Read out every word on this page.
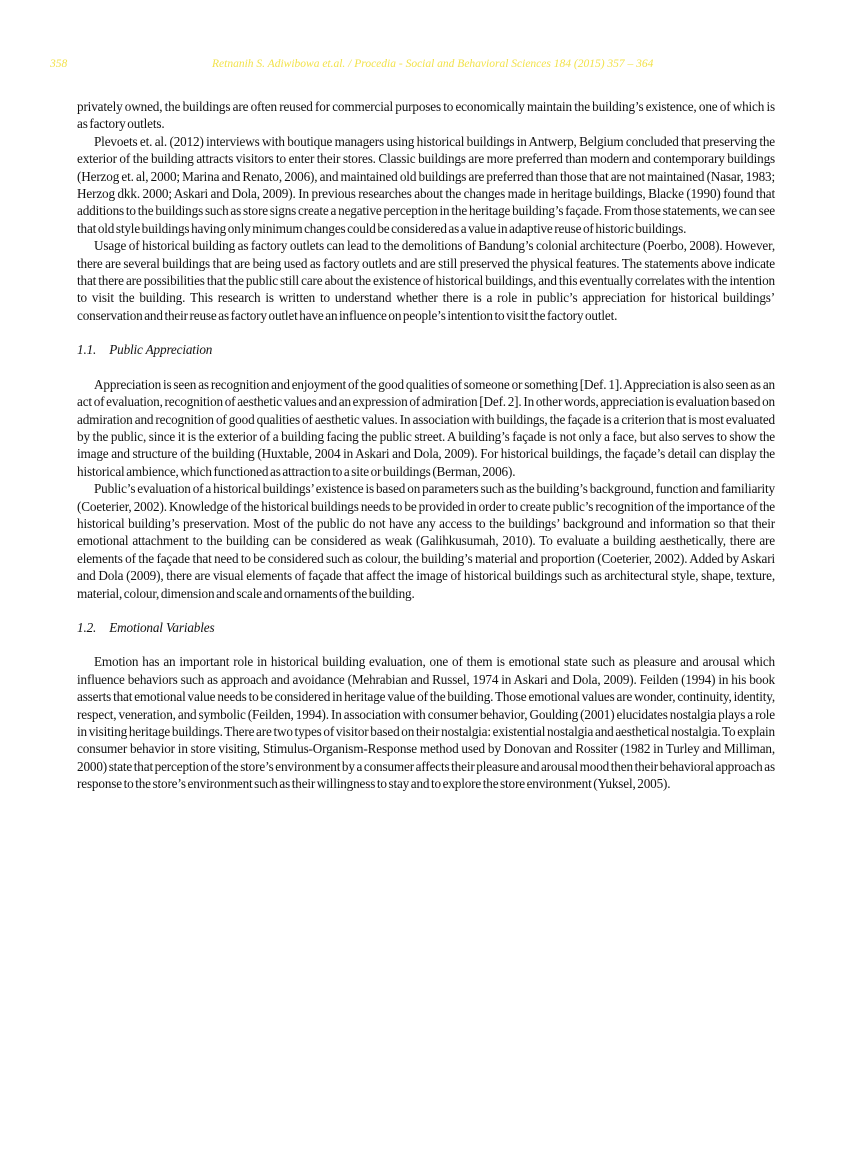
358	Retnanih S. Adiwibowa et.al. / Procedia - Social and Behavioral Sciences 184 (2015) 357 – 364

privately owned, the buildings are often reused for commercial purposes to economically maintain the building’s existence, one of which is as factory outlets.

Plevoets et. al. (2012) interviews with boutique managers using historical buildings in Antwerp, Belgium concluded that preserving the exterior of the building attracts visitors to enter their stores. Classic buildings are more preferred than modern and contemporary buildings (Herzog et. al, 2000; Marina and Renato, 2006), and maintained old buildings are preferred than those that are not maintained (Nasar, 1983; Herzog dkk. 2000; Askari and Dola, 2009). In previous researches about the changes made in heritage buildings, Blacke (1990) found that additions to the buildings such as store signs create a negative perception in the heritage building’s façade. From those statements, we can see that old style buildings having only minimum changes could be considered as a value in adaptive reuse of historic buildings.

Usage of historical building as factory outlets can lead to the demolitions of Bandung’s colonial architecture (Poerbo, 2008). However, there are several buildings that are being used as factory outlets and are still preserved the physical features. The statements above indicate that there are possibilities that the public still care about the existence of historical buildings, and this eventually correlates with the intention to visit the building. This research is written to understand whether there is a role in public’s appreciation for historical buildings’ conservation and their reuse as factory outlet have an influence on people’s intention to visit the factory outlet.

1.1. Public Appreciation

Appreciation is seen as recognition and enjoyment of the good qualities of someone or something [Def. 1]. Appreciation is also seen as an act of evaluation, recognition of aesthetic values and an expression of admiration [Def. 2]. In other words, appreciation is evaluation based on admiration and recognition of good qualities of aesthetic values. In association with buildings, the façade is a criterion that is most evaluated by the public, since it is the exterior of a building facing the public street. A building’s façade is not only a face, but also serves to show the image and structure of the building (Huxtable, 2004 in Askari and Dola, 2009). For historical buildings, the façade’s detail can display the historical ambience, which functioned as attraction to a site or buildings (Berman, 2006).

Public’s evaluation of a historical buildings’ existence is based on parameters such as the building’s background, function and familiarity (Coeterier, 2002). Knowledge of the historical buildings needs to be provided in order to create public’s recognition of the importance of the historical building’s preservation. Most of the public do not have any access to the buildings’ background and information so that their emotional attachment to the building can be considered as weak (Galihkusumah, 2010). To evaluate a building aesthetically, there are elements of the façade that need to be considered such as colour, the building’s material and proportion (Coeterier, 2002). Added by Askari and Dola (2009), there are visual elements of façade that affect the image of historical buildings such as architectural style, shape, texture, material, colour, dimension and scale and ornaments of the building.

1.2. Emotional Variables

Emotion has an important role in historical building evaluation, one of them is emotional state such as pleasure and arousal which influence behaviors such as approach and avoidance (Mehrabian and Russel, 1974 in Askari and Dola, 2009). Feilden (1994) in his book asserts that emotional value needs to be considered in heritage value of the building. Those emotional values are wonder, continuity, identity, respect, veneration, and symbolic (Feilden, 1994). In association with consumer behavior, Goulding (2001) elucidates nostalgia plays a role in visiting heritage buildings. There are two types of visitor based on their nostalgia: existential nostalgia and aesthetical nostalgia. To explain consumer behavior in store visiting, Stimulus-Organism-Response method used by Donovan and Rossiter (1982 in Turley and Milliman, 2000) state that perception of the store’s environment by a consumer affects their pleasure and arousal mood then their behavioral approach as response to the store’s environment such as their willingness to stay and to explore the store environment (Yuksel, 2005).
